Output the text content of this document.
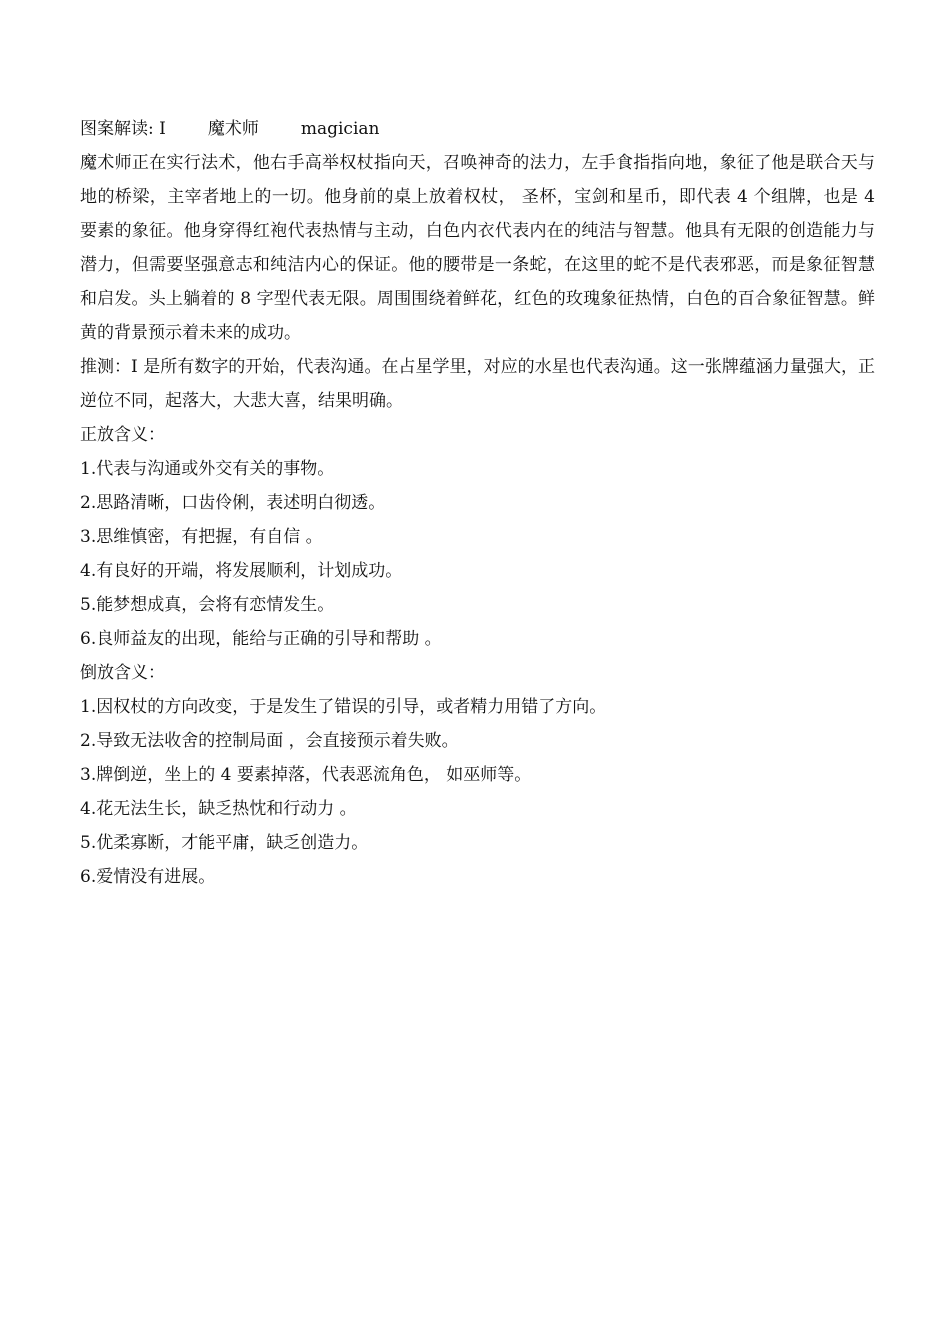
图案解读: I 魔术师 magician

魔术师正在实行法术，他右手高举权杖指向天，召唤神奇的法力，左手食指指向地，象征了他是联合天与地的桥梁，主宰者地上的一切。他身前的桌上放着权杖， 圣杯，宝剑和星币，即代表 4 个组牌，也是 4 要素的象征。他身穿得红袍代表热情与主动，白色内衣代表内在的纯洁与智慧。他具有无限的创造能力与潜力，但需要坚强意志和纯洁内心的保证。他的腰带是一条蛇，在这里的蛇不是代表邪恶，而是象征智慧和启发。头上躺着的 8 字型代表无限。周围围绕着鲜花，红色的玫瑰象征热情，白色的百合象征智慧。鲜黄的背景预示着未来的成功。

推测：I 是所有数字的开始，代表沟通。在占星学里，对应的水星也代表沟通。这一张牌蕴涵力量强大，正逆位不同，起落大，大悲大喜，结果明确。

正放含义：

1.代表与沟通或外交有关的事物。

2.思路清晰，口齿伶俐，表述明白彻透。

3.思维慎密，有把握，有自信 。

4.有良好的开端，将发展顺利，计划成功。

5.能梦想成真，会将有恋情发生。

6.良师益友的出现，能给与正确的引导和帮助 。

倒放含义：

1.因权杖的方向改变，于是发生了错误的引导，或者精力用错了方向。

2.导致无法收舍的控制局面 ，会直接预示着失败。

3.牌倒逆，坐上的 4 要素掉落，代表恶流角色， 如巫师等。

4.花无法生长，缺乏热忱和行动力 。

5.优柔寡断，才能平庸，缺乏创造力。

6.爱情没有进展。
